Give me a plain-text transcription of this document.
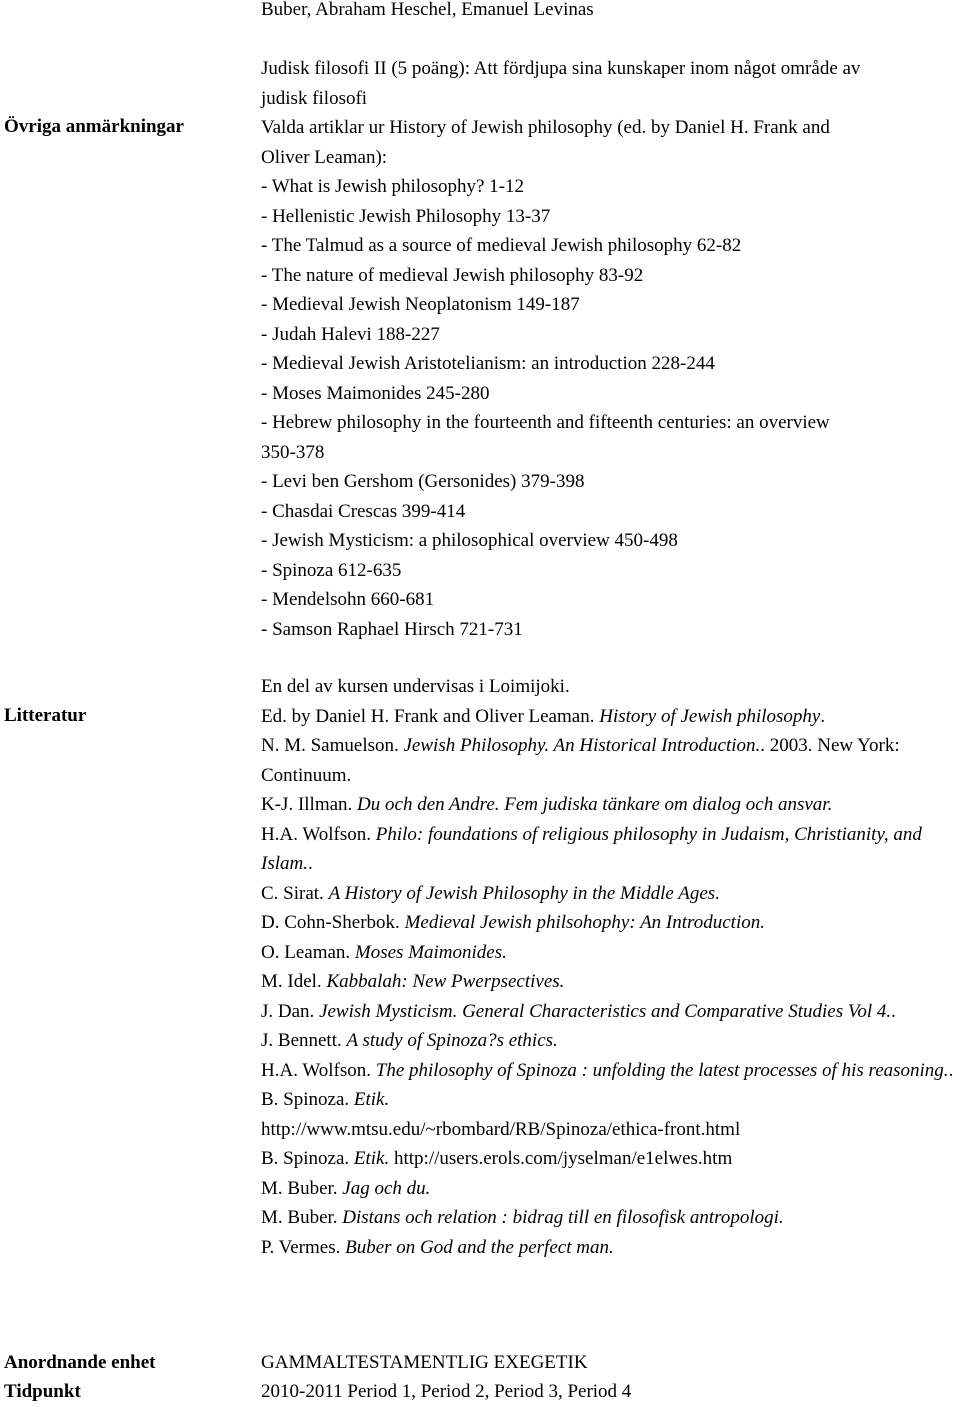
Buber, Abraham Heschel, Emanuel Levinas
Övriga anmärkningar
Judisk filosofi II (5 poäng): Att fördjupa sina kunskaper inom något område av
judisk filosofi
Valda artiklar ur History of Jewish philosophy (ed. by Daniel H. Frank and
Oliver Leaman):
- What is Jewish philosophy? 1-12
- Hellenistic Jewish Philosophy 13-37
- The Talmud as a source of medieval Jewish philosophy 62-82
- The nature of medieval Jewish philosophy 83-92
- Medieval Jewish Neoplatonism 149-187
- Judah Halevi 188-227
- Medieval Jewish Aristotelianism: an introduction 228-244
- Moses Maimonides 245-280
- Hebrew philosophy in the fourteenth and fifteenth centuries: an overview
350-378
- Levi ben Gershom (Gersonides) 379-398
- Chasdai Crescas 399-414
- Jewish Mysticism: a philosophical overview 450-498
- Spinoza 612-635
- Mendelsohn 660-681
- Samson Raphael Hirsch 721-731
Litteratur
En del av kursen undervisas i Loimijoki.
Ed. by Daniel H. Frank and Oliver Leaman. History of Jewish philosophy.
N. M. Samuelson. Jewish Philosophy. An Historical Introduction.. 2003. New York: Continuum.
K-J. Illman. Du och den Andre. Fem judiska tänkare om dialog och ansvar.
H.A. Wolfson. Philo: foundations of religious philosophy in Judaism, Christianity, and Islam..
C. Sirat. A History of Jewish Philosophy in the Middle Ages.
D. Cohn-Sherbok. Medieval Jewish philsohophy: An Introduction.
O. Leaman. Moses Maimonides.
M. Idel. Kabbalah: New Pwerpsectives.
J. Dan. Jewish Mysticism. General Characteristics and Comparative Studies Vol 4..
J. Bennett. A study of Spinoza?s ethics.
H.A. Wolfson. The philosophy of Spinoza : unfolding the latest processes of his reasoning..
B. Spinoza. Etik.
http://www.mtsu.edu/~rbombard/RB/Spinoza/ethica-front.html
B. Spinoza. Etik. http://users.erols.com/jyselman/e1elwes.htm
M. Buber. Jag och du.
M. Buber. Distans och relation : bidrag till en filosofisk antropologi.
P. Vermes. Buber on God and the perfect man.
Anordnande enhet	GAMMALTESTAMENTLIG EXEGETIK
Tidpunkt	2010-2011 Period 1, Period 2, Period 3, Period 4
